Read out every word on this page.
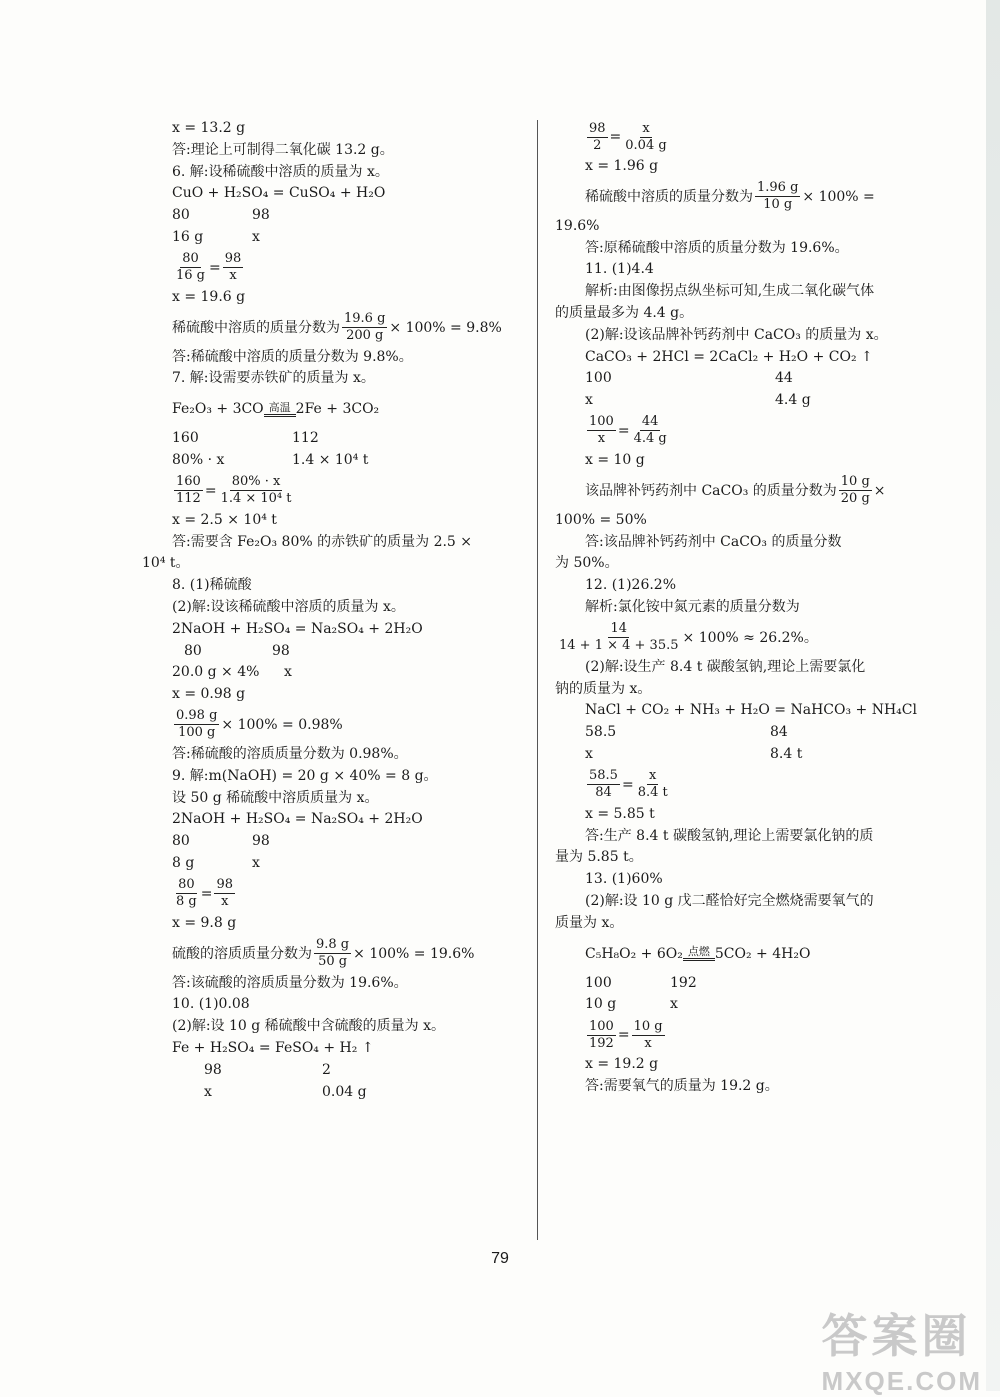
x = 13.2 g
答:理论上可制得二氧化碳 13.2 g。
6. 解:设稀硫酸中溶质的质量为 x。
CuO + H₂SO₄ = CuSO₄ + H₂O
80	98
16 g	x
$\frac{80}{16 g} = \frac{98}{x}$
x = 19.6 g
稀硫酸中溶质的质量分数为 $\frac{19.6 g}{200 g} \times 100\% = 9.8\%$
答:稀硫酸中溶质的质量分数为 9.8%。
7. 解:设需要赤铁矿的质量为 x。
Fe₂O₃ + 3CO 高温 2Fe + 3CO₂
160	112
80% · x	1.4 × 10⁴ t
$\frac{160}{112} = \frac{80\% \cdot x}{\text{1.4 × 10⁴ t}}$
x = 2.5 × 10⁴ t
答:需要含 Fe₂O₃ 80% 的赤铁矿的质量为 2.5 ×
10⁴ t。
8. (1)稀硫酸
(2)解:设该稀硫酸中溶质的质量为 x。
2NaOH + H₂SO₄ = Na₂SO₄ + 2H₂O
80	98
20.0 g × 4% x
x = 0.98 g
$\frac{0.98 g}{100 g} \times 100\% = 0.98\%$
答:稀硫酸的溶质质量分数为 0.98%。
9. 解:m(NaOH) = 20 g × 40% = 8 g。
设 50 g 稀硫酸中溶质质量为 x。
2NaOH + H₂SO₄ = Na₂SO₄ + 2H₂O
80	98
8 g	x
$\frac{80}{8 g} = \frac{98}{x}$
x = 9.8 g
硫酸的溶质质量分数为 $\frac{9.8 g}{50 g} \times 100\% = 19.6\%$
答:该硫酸的溶质质量分数为 19.6%。
10. (1)0.08
(2)解:设 10 g 稀硫酸中含硫酸的质量为 x。
Fe + H₂SO₄ = FeSO₄ + H₂ ↑
98	2
x	0.04 g
$\frac{98}{2} = \frac{x}{0.04 g}$
x = 1.96 g
稀硫酸中溶质的质量分数为 $\frac{1.96 g}{10 g} \times 100\%$ =
19.6%
答:原稀硫酸中溶质的质量分数为 19.6%。
11. (1)4.4
解析:由图像拐点纵坐标可知,生成二氧化碳气体
的质量最多为 4.4 g。
(2)解:设该品牌补钙药剂中 CaCO₃ 的质量为 x。
CaCO₃ + 2HCl = 2CaCl₂ + H₂O + CO₂ ↑
100	44
x	4.4 g
$\frac{100}{x} = \frac{44}{4.4 g}$
x = 10 g
该品牌补钙药剂中 CaCO₃ 的质量分数为 $\frac{10 g}{20 g}$ ×
100% = 50%
答:该品牌补钙药剂中 CaCO₃ 的质量分数
为 50%。
12. (1)26.2%
解析:氯化铵中氮元素的质量分数为
$\frac{14}{14 + 1 \times 4 + 35.5} \times 100\% \approx 26.2\%$。
(2)解:设生产 8.4 t 碳酸氢钠,理论上需要氯化
钠的质量为 x。
NaCl + CO₂ + NH₃ + H₂O = NaHCO₃ + NH₄Cl
58.5	84
x	8.4 t
$\frac{58.5}{84} = \frac{x}{8.4 t}$
x = 5.85 t
答:生产 8.4 t 碳酸氢钠,理论上需要氯化钠的质
量为 5.85 t。
13. (1)60%
(2)解:设 10 g 戊二醛恰好完全燃烧需要氧气的
质量为 x。
C₅H₈O₂ + 6O₂ 点燃 5CO₂ + 4H₂O
100	192
10 g	x
$\frac{100}{192} = \frac{10 g}{x}$
x = 19.2 g
答:需要氧气的质量为 19.2 g。
79
答案圈
MXQE.COM
